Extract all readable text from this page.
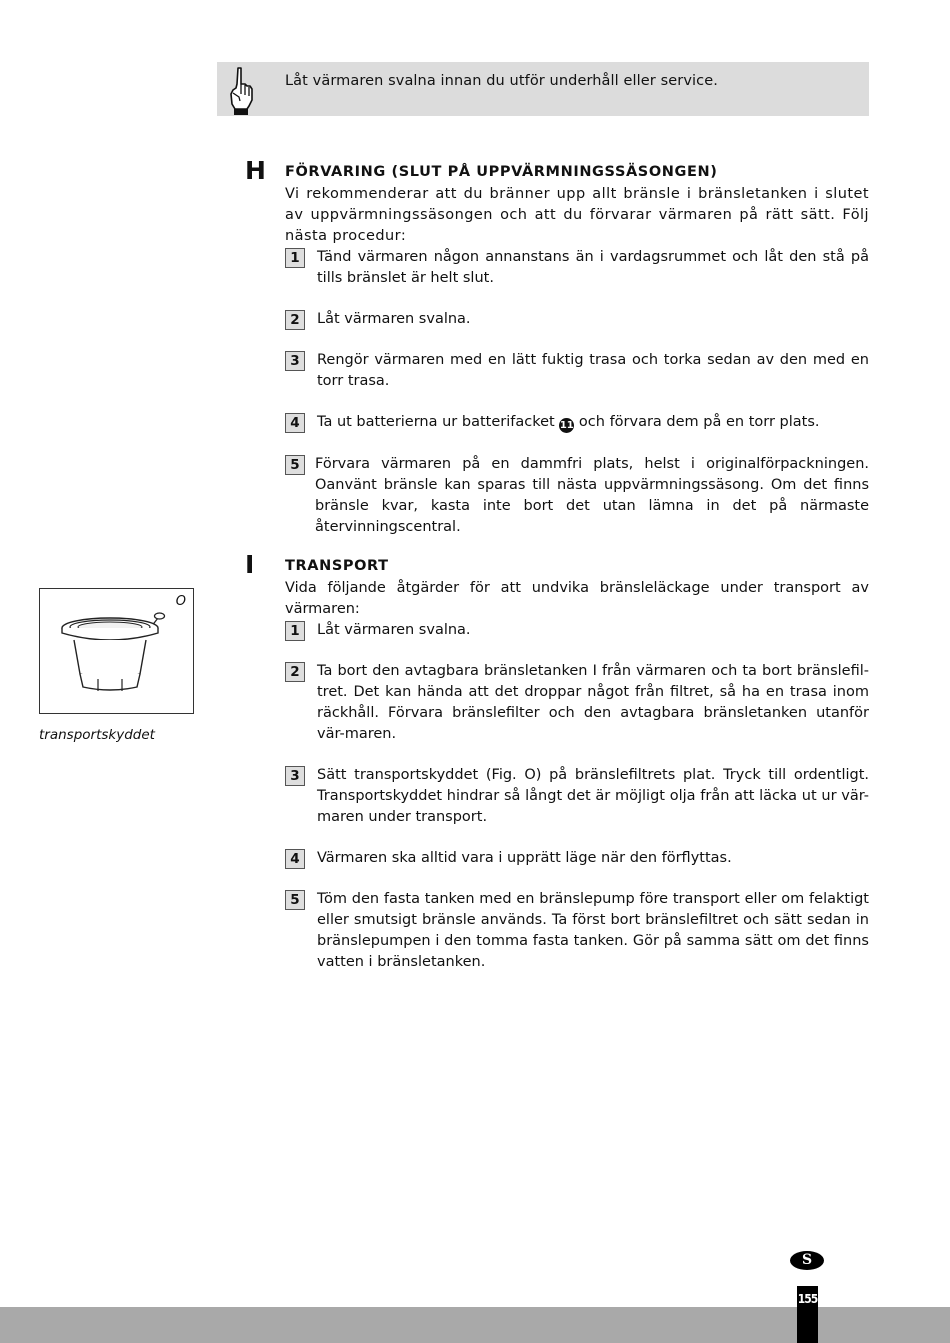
Låt värmaren svalna innan du utför underhåll eller service.
H FÖRVARING (SLUT PÅ UPPVÄRMNINGSSÄSONGEN)
Vi rekommenderar att du bränner upp allt bränsle i bränsletanken i slutet av uppvärmningssäsongen och att du förvarar värmaren på rätt sätt. Följ nästa procedur:
1	Tänd värmaren någon annanstans än i vardagsrummet och låt den stå på tills bränslet är helt slut.
2	Låt värmaren svalna.
3	Rengör värmaren med en lätt fuktig trasa och torka sedan av den med en torr trasa.
4	Ta ut batterierna ur batterifacket 11 och förvara dem på en torr plats.
5	Förvara värmaren på en dammfri plats, helst i originalförpackningen. Oanvänt bränsle kan sparas till nästa uppvärmningssäsong. Om det finns bränsle kvar, kasta inte bort det utan lämna in det på närmaste återvinningscentral.
I TRANSPORT
Vida följande åtgärder för att undvika bränsleläckage under transport av värmaren:
1	Låt värmaren svalna.
2	Ta bort den avtagbara bränsletanken I från värmaren och ta bort bränslefil-tret. Det kan hända att det droppar något från filtret, så ha en trasa inom räckhåll. Förvara bränslefilter och den avtagbara bränsletanken utanför vär-maren.
3	Sätt transportskyddet (Fig. O) på bränslefiltrets plat. Tryck till ordentligt. Transportskyddet hindrar så långt det är möjligt olja från att läcka ut ur vär-maren under transport.
4	Värmaren ska alltid vara i upprätt läge när den förflyttas.
5	Töm den fasta tanken med en bränslepump före transport eller om felaktigt eller smutsigt bränsle används. Ta först bort bränslefiltret och sätt sedan in bränslepumpen i den tomma fasta tanken. Gör på samma sätt om det finns vatten i bränsletanken.
O
transportskyddet
S
155
